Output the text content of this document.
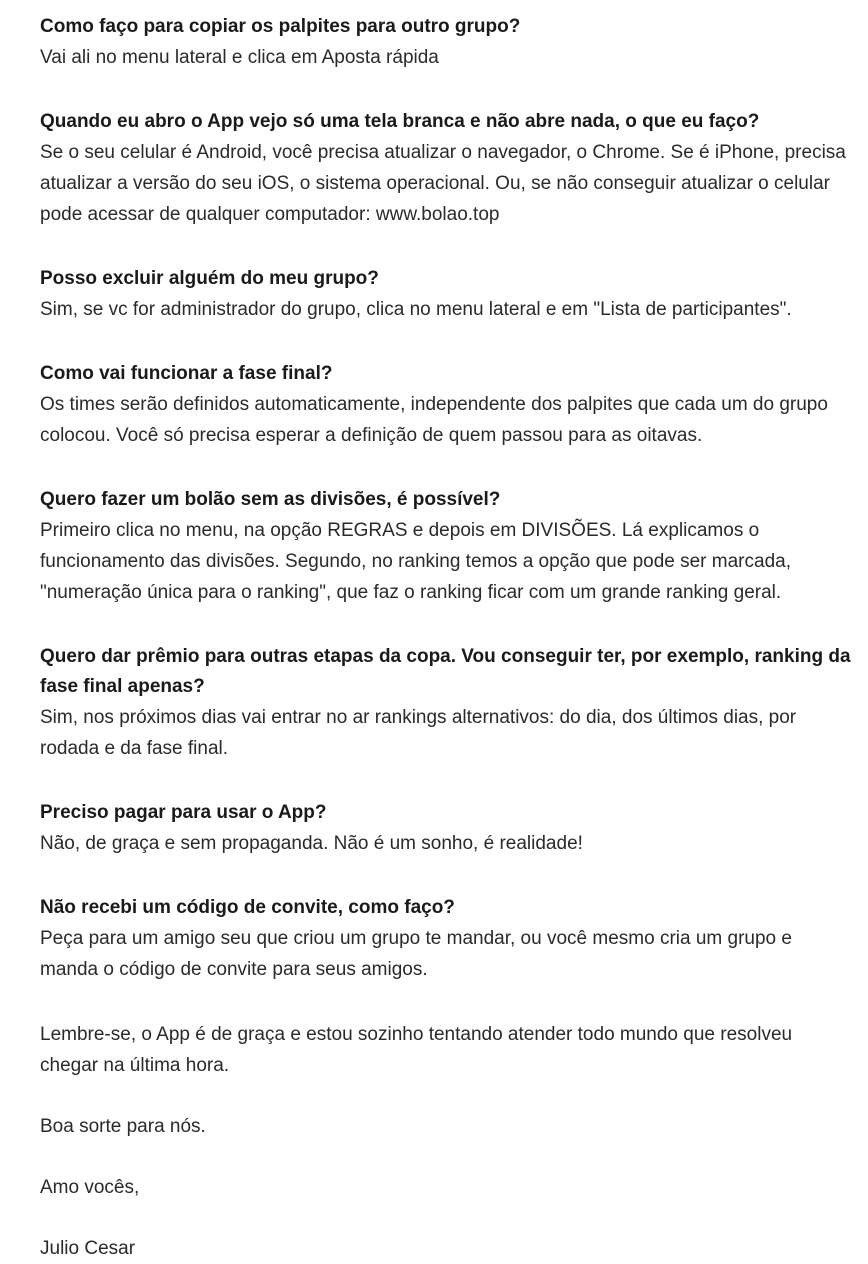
Como faço para copiar os palpites para outro grupo?

Vai ali no menu lateral e clica em Aposta rápida

Quando eu abro o App vejo só uma tela branca e não abre nada, o que eu faço?

Se o seu celular é Android, você precisa atualizar o navegador, o Chrome. Se é iPhone, precisa atualizar a versão do seu iOS, o sistema operacional. Ou, se não conseguir atualizar o celular pode acessar de qualquer computador: www.bolao.top

Posso excluir alguém do meu grupo?

Sim, se vc for administrador do grupo, clica no menu lateral e em "Lista de participantes".

Como vai funcionar a fase final?

Os times serão definidos automaticamente, independente dos palpites que cada um do grupo colocou. Você só precisa esperar a definição de quem passou para as oitavas.

Quero fazer um bolão sem as divisões, é possível?

Primeiro clica no menu, na opção REGRAS e depois em DIVISÕES. Lá explicamos o funcionamento das divisões. Segundo, no ranking temos a opção que pode ser marcada, "numeração única para o ranking", que faz o ranking ficar com um grande ranking geral.

Quero dar prêmio para outras etapas da copa. Vou conseguir ter, por exemplo, ranking da fase final apenas?

Sim, nos próximos dias vai entrar no ar rankings alternativos: do dia, dos últimos dias, por rodada e da fase final.

Preciso pagar para usar o App?

Não, de graça e sem propaganda. Não é um sonho, é realidade!

Não recebi um código de convite, como faço?

Peça para um amigo seu que criou um grupo te mandar, ou você mesmo cria um grupo e manda o código de convite para seus amigos.

Lembre-se, o App é de graça e estou sozinho tentando atender todo mundo que resolveu chegar na última hora.

Boa sorte para nós.

Amo vocês,

Julio Cesar
